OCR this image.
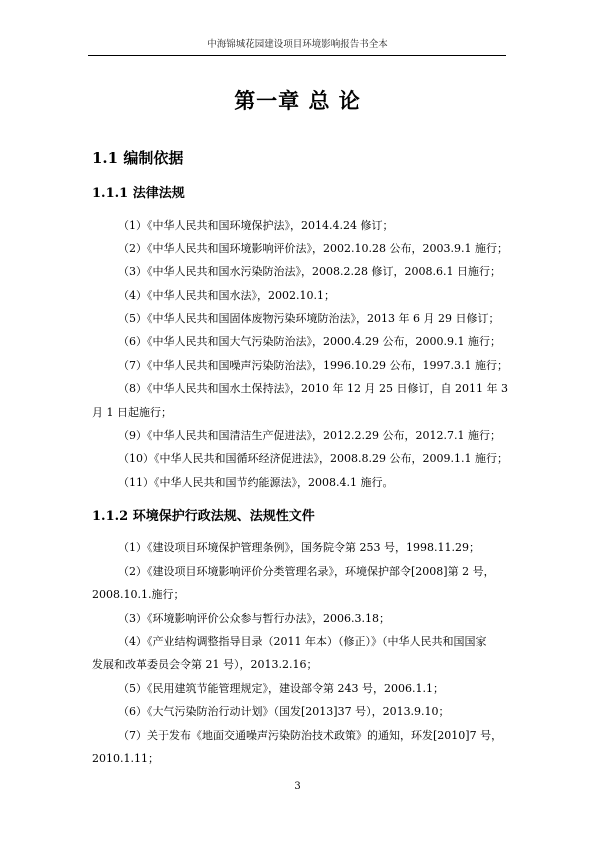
中海锦城花园建设项目环境影响报告书全本
第一章 总 论
1.1 编制依据
1.1.1 法律法规
（1）《中华人民共和国环境保护法》，2014.4.24 修订；
（2）《中华人民共和国环境影响评价法》，2002.10.28 公布，2003.9.1 施行；
（3）《中华人民共和国水污染防治法》，2008.2.28 修订，2008.6.1 日施行；
（4）《中华人民共和国水法》，2002.10.1；
（5）《中华人民共和国固体废物污染环境防治法》，2013 年 6 月 29 日修订；
（6）《中华人民共和国大气污染防治法》，2000.4.29 公布，2000.9.1 施行；
（7）《中华人民共和国噪声污染防治法》，1996.10.29 公布，1997.3.1 施行；
（8）《中华人民共和国水土保持法》，2010 年 12 月 25 日修订，自 2011 年 3
月 1 日起施行；
（9）《中华人民共和国清洁生产促进法》，2012.2.29 公布，2012.7.1 施行；
（10）《中华人民共和国循环经济促进法》，2008.8.29 公布，2009.1.1 施行；
（11）《中华人民共和国节约能源法》，2008.4.1 施行。
1.1.2 环境保护行政法规、法规性文件
（1）《建设项目环境保护管理条例》，国务院令第 253 号，1998.11.29；
（2）《建设项目环境影响评价分类管理名录》，环境保护部令[2008]第 2 号，
2008.10.1.施行；
（3）《环境影响评价公众参与暂行办法》，2006.3.18；
（4）《产业结构调整指导目录（2011 年本）（修正）》（中华人民共和国国家
发展和改革委员会令第 21 号），2013.2.16；
（5）《民用建筑节能管理规定》，建设部令第 243 号，2006.1.1；
（6）《大气污染防治行动计划》（国发[2013]37 号），2013.9.10；
（7）关于发布《地面交通噪声污染防治技术政策》的通知，环发[2010]7 号，
2010.1.11；
3
